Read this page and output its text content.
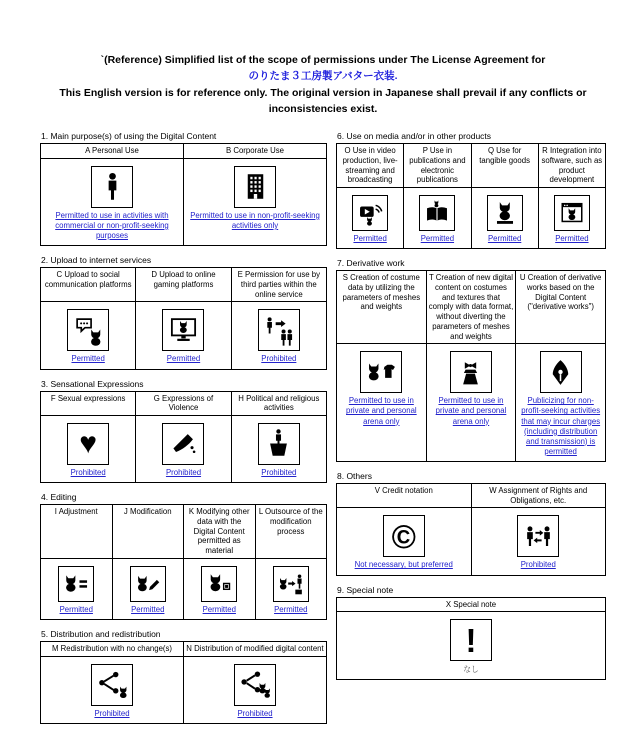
`(Reference) Simplified list of the scope of permissions under The License Agreement for
のりたま３工房製アバター衣装.
This English version is for reference only. The original version in Japanese shall prevail if any conflicts or inconsistencies exist.
1. Main purpose(s) of using the Digital Content
A Personal Use	B Corporate Use

Permitted to use in activities with commercial or non-profit-seeking purposes	Permitted to use in non-profit-seeking activities only
2. Upload to internet services
C Upload to social communication platforms	D Upload to online gaming platforms	E Permission for use by third parties within the online service

Permitted	Permitted	Prohibited
3. Sensational Expressions
F Sexual expressions	G Expressions of Violence	H Political and religious activities

♥
Prohibited	Prohibited	Prohibited
4. Editing
I Adjustment	J Modification	K Modifying other data with the Digital Content permitted as material	L Outsource of the modification process

Permitted	Permitted	Permitted	Permitted
5. Distribution and redistribution
M Redistribution with no change(s)	N Distribution of modified digital content

Prohibited	Prohibited
6. Use on media and/or in other products
O Use in video production, live-streaming and broadcasting	P Use in publications and electronic publications	Q Use for tangible goods	R Integration into software, such as product development

Permitted	Permitted	Permitted	Permitted
7. Derivative work
S Creation of costume data by utilizing the parameters of meshes and weights	T Creation of new digital content on costumes and textures that comply with data format, without diverting the parameters of meshes and weights	U Creation of derivative works based on the Digital Content ("derivative works")

Permitted to use in private and personal arena only	Permitted to use in private and personal arena only	Publicizing for non-profit-seeking activities that may incur charges (including distribution and transmission) is permitted
8. Others
V Credit notation	W Assignment of Rights and Obligations, etc.

©
Not necessary, but preferred	Prohibited
9. Special note
X Special note

!
なし
